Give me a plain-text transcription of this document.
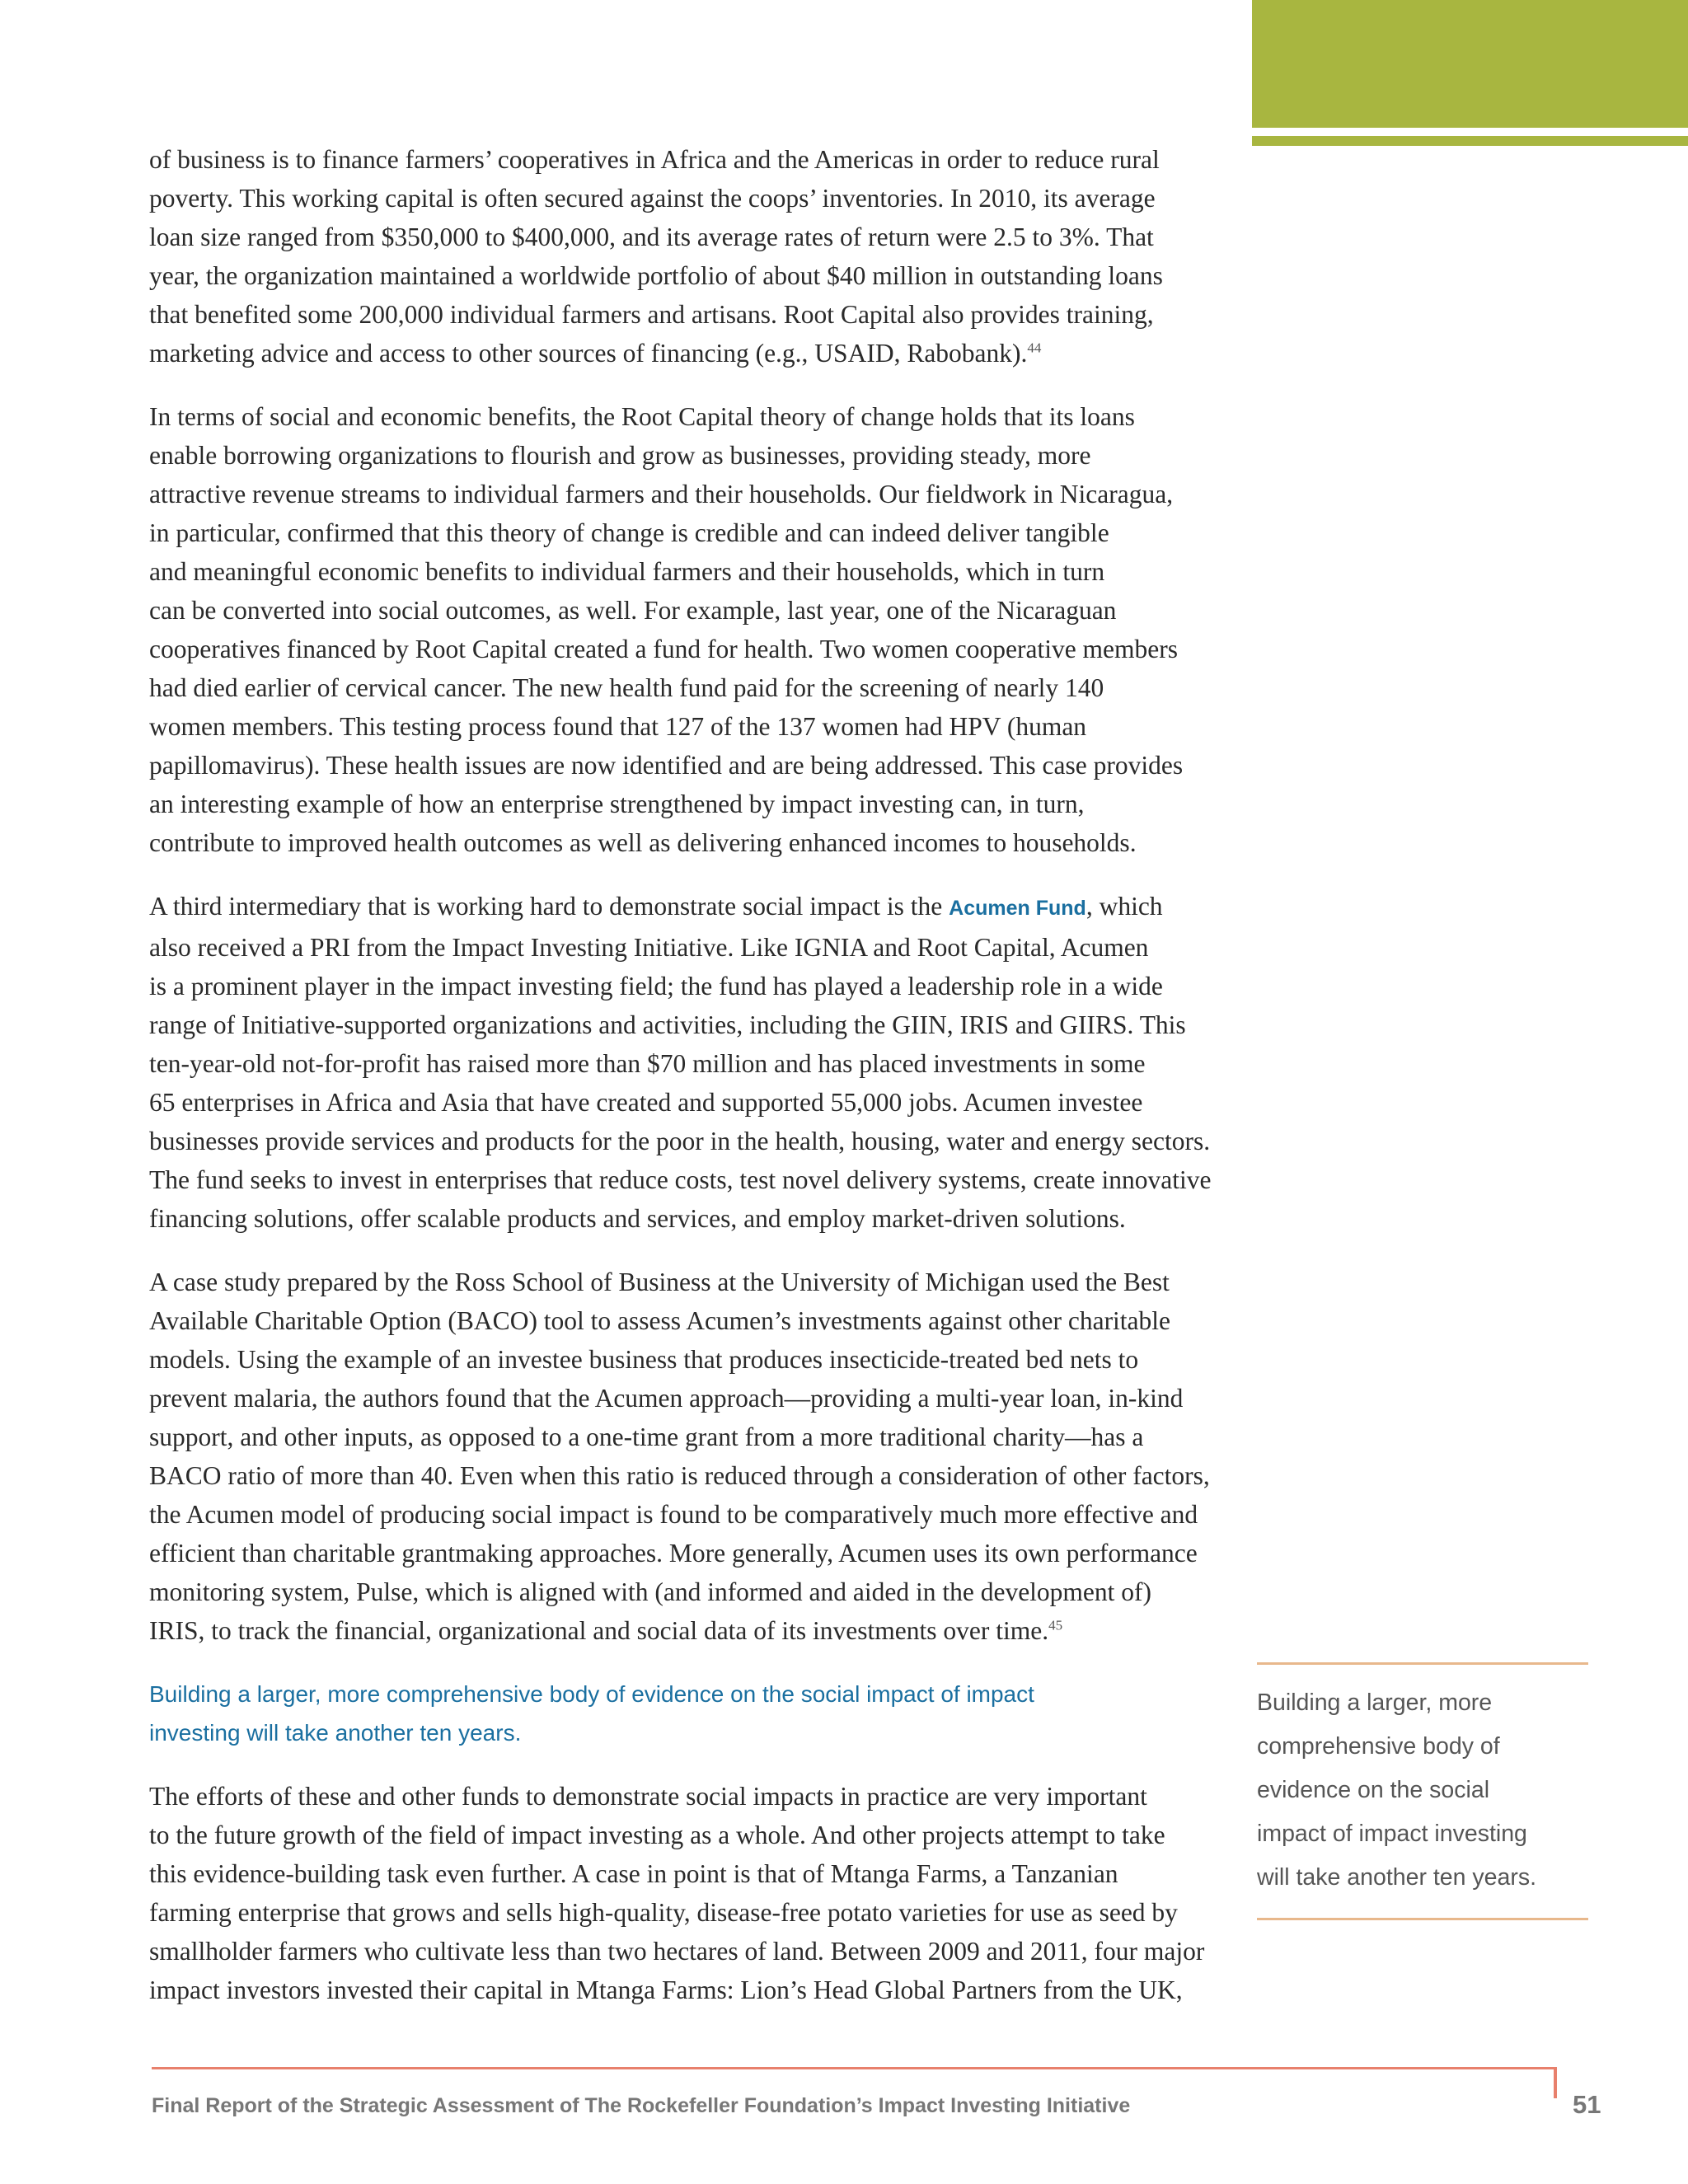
of business is to finance farmers’ cooperatives in Africa and the Americas in order to reduce rural
poverty. This working capital is often secured against the coops’ inventories. In 2010, its average
loan size ranged from $350,000 to $400,000, and its average rates of return were 2.5 to 3%. That
year, the organization maintained a worldwide portfolio of about $40 million in outstanding loans
that benefited some 200,000 individual farmers and artisans. Root Capital also provides training,
marketing advice and access to other sources of financing (e.g., USAID, Rabobank).$^{44}$

In terms of social and economic benefits, the Root Capital theory of change holds that its loans
enable borrowing organizations to flourish and grow as businesses, providing steady, more
attractive revenue streams to individual farmers and their households. Our fieldwork in Nicaragua,
in particular, confirmed that this theory of change is credible and can indeed deliver tangible
and meaningful economic benefits to individual farmers and their households, which in turn
can be converted into social outcomes, as well. For example, last year, one of the Nicaraguan
cooperatives financed by Root Capital created a fund for health. Two women cooperative members
had died earlier of cervical cancer. The new health fund paid for the screening of nearly 140
women members. This testing process found that 127 of the 137 women had HPV (human
papillomavirus). These health issues are now identified and are being addressed. This case provides
an interesting example of how an enterprise strengthened by impact investing can, in turn,
contribute to improved health outcomes as well as delivering enhanced incomes to households.

A third intermediary that is working hard to demonstrate social impact is the Acumen Fund, which
also received a PRI from the Impact Investing Initiative. Like IGNIA and Root Capital, Acumen
is a prominent player in the impact investing field; the fund has played a leadership role in a wide
range of Initiative-supported organizations and activities, including the GIIN, IRIS and GIIRS. This
ten-year-old not-for-profit has raised more than $70 million and has placed investments in some
65 enterprises in Africa and Asia that have created and supported 55,000 jobs. Acumen investee
businesses provide services and products for the poor in the health, housing, water and energy sectors.
The fund seeks to invest in enterprises that reduce costs, test novel delivery systems, create innovative
financing solutions, offer scalable products and services, and employ market-driven solutions.

A case study prepared by the Ross School of Business at the University of Michigan used the Best
Available Charitable Option (BACO) tool to assess Acumen’s investments against other charitable
models. Using the example of an investee business that produces insecticide-treated bed nets to
prevent malaria, the authors found that the Acumen approach—providing a multi-year loan, in-kind
support, and other inputs, as opposed to a one-time grant from a more traditional charity—has a
BACO ratio of more than 40. Even when this ratio is reduced through a consideration of other factors,
the Acumen model of producing social impact is found to be comparatively much more effective and
efficient than charitable grantmaking approaches. More generally, Acumen uses its own performance
monitoring system, Pulse, which is aligned with (and informed and aided in the development of)
IRIS, to track the financial, organizational and social data of its investments over time.$^{45}$

Building a larger, more comprehensive body of evidence on the social impact of impact
investing will take another ten years.

The efforts of these and other funds to demonstrate social impacts in practice are very important
to the future growth of the field of impact investing as a whole. And other projects attempt to take
this evidence-building task even further. A case in point is that of Mtanga Farms, a Tanzanian
farming enterprise that grows and sells high-quality, disease-free potato varieties for use as seed by
smallholder farmers who cultivate less than two hectares of land. Between 2009 and 2011, four major
impact investors invested their capital in Mtanga Farms: Lion’s Head Global Partners from the UK,

Building a larger, more
comprehensive body of
evidence on the social
impact of impact investing
will take another ten years.
Final Report of the Strategic Assessment of The Rockefeller Foundation’s Impact Investing Initiative	51
